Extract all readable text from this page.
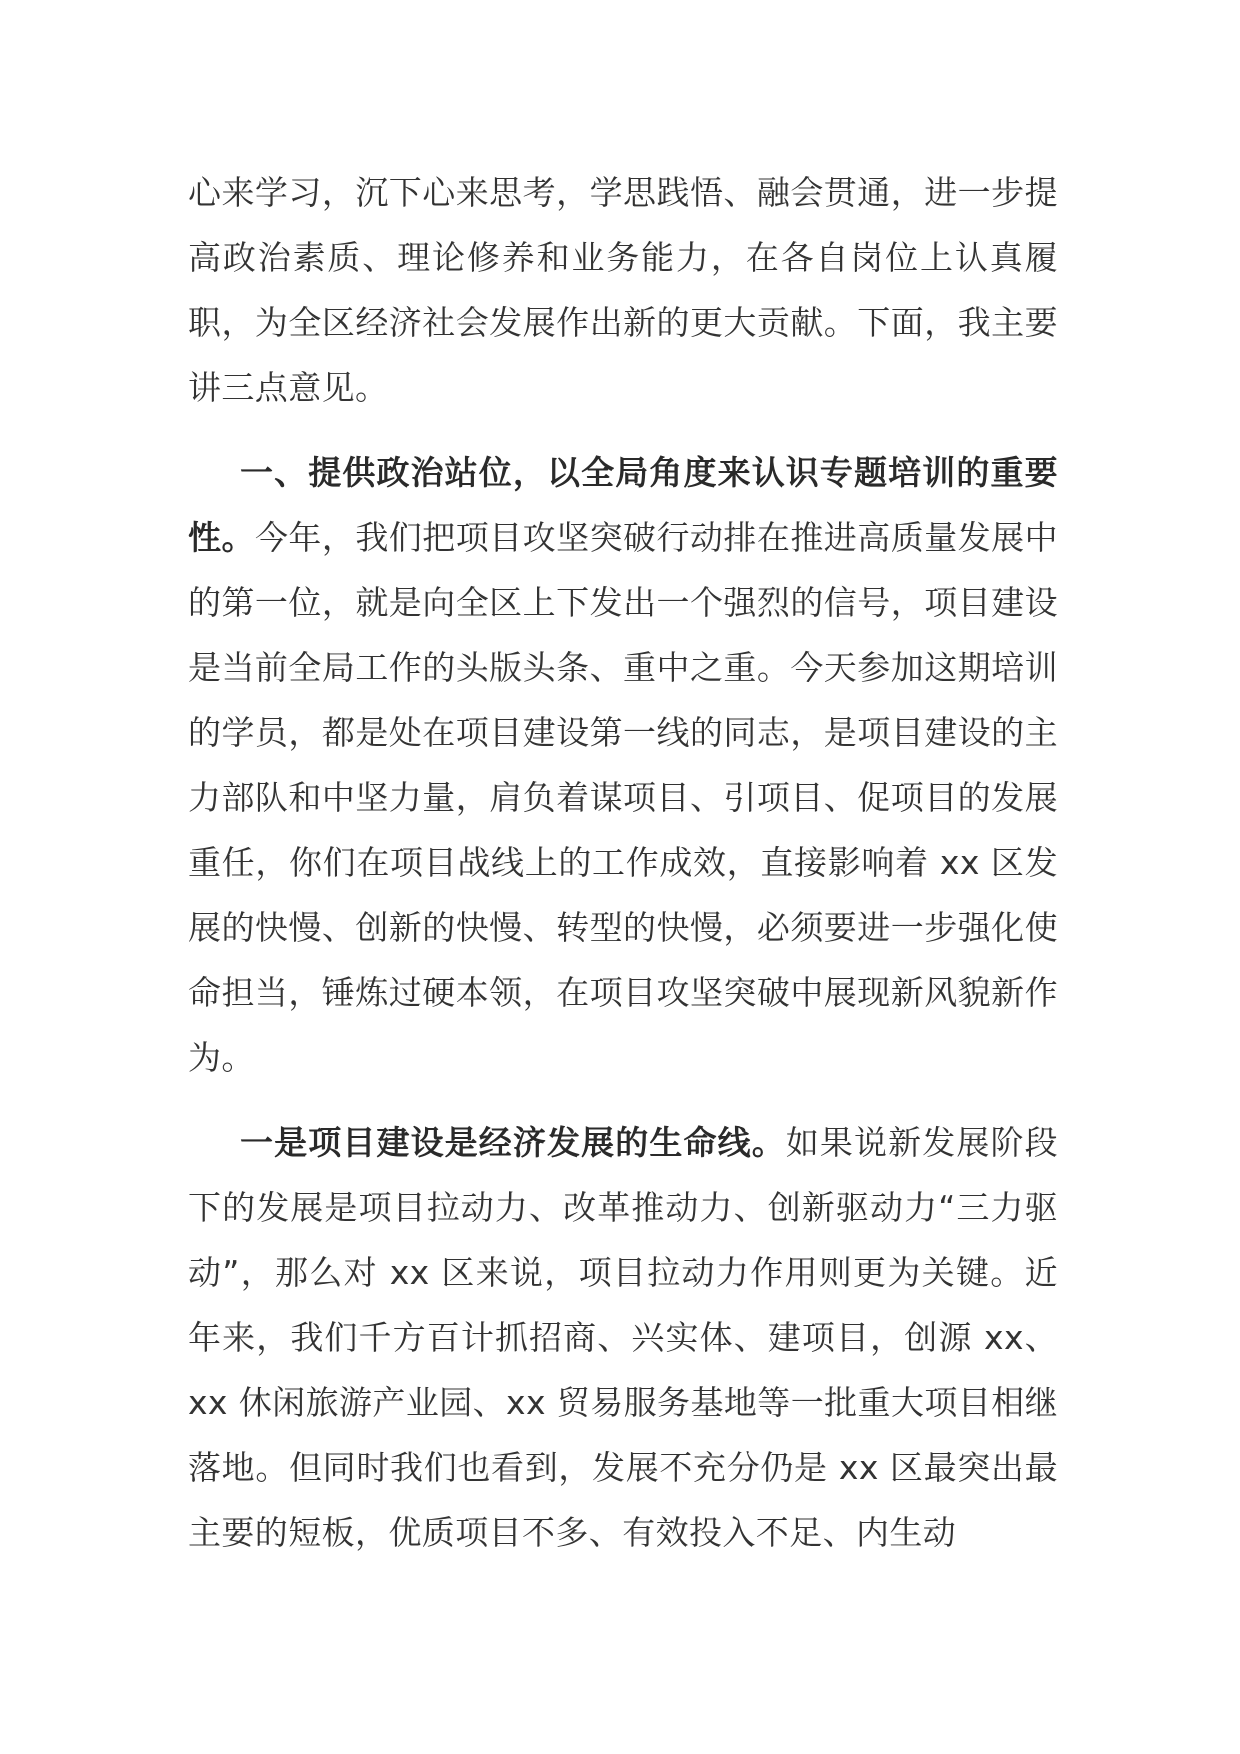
心来学习，沉下心来思考，学思践悟、融会贯通，进一步提高政治素质、理论修养和业务能力，在各自岗位上认真履职，为全区经济社会发展作出新的更大贡献。下面，我主要讲三点意见。

一、提供政治站位，以全局角度来认识专题培训的重要性。今年，我们把项目攻坚突破行动排在推进高质量发展中的第一位，就是向全区上下发出一个强烈的信号，项目建设是当前全局工作的头版头条、重中之重。今天参加这期培训的学员，都是处在项目建设第一线的同志，是项目建设的主力部队和中坚力量，肩负着谋项目、引项目、促项目的发展重任，你们在项目战线上的工作成效，直接影响着 xx 区发展的快慢、创新的快慢、转型的快慢，必须要进一步强化使命担当，锤炼过硬本领，在项目攻坚突破中展现新风貌新作为。

一是项目建设是经济发展的生命线。如果说新发展阶段下的发展是项目拉动力、改革推动力、创新驱动力“三力驱动”，那么对 xx 区来说，项目拉动力作用则更为关键。近年来，我们千方百计抓招商、兴实体、建项目，创源 xx、xx 休闲旅游产业园、xx 贸易服务基地等一批重大项目相继落地。但同时我们也看到，发展不充分仍是 xx 区最突出最主要的短板，优质项目不多、有效投入不足、内生动
